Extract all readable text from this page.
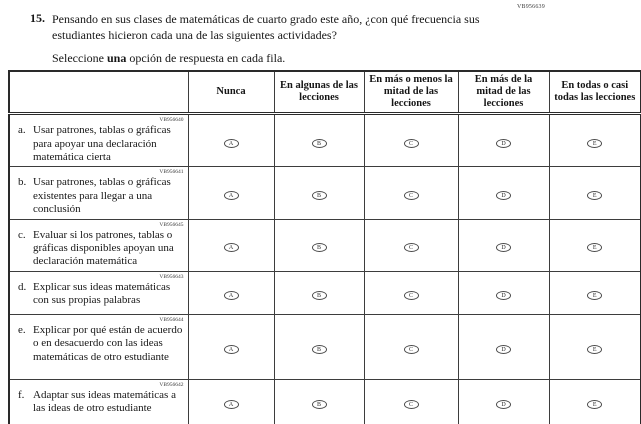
VB956639
15. Pensando en sus clases de matemáticas de cuarto grado este año, ¿con qué frecuencia sus estudiantes hicieron cada una de las siguientes actividades?
Seleccione una opción de respuesta en cada fila.
	Nunca	En algunas de las lecciones	En más o menos la mitad de las lecciones	En más de la mitad de las lecciones	En todas o casi todas las lecciones

VB956640
a. Usar patrones, tablas o gráficas para apoyar una declaración matemática cierta	A	B	C	D	E

VB956641
b. Usar patrones, tablas o gráficas existentes para llegar a una conclusión	A	B	C	D	E

VB956645
c. Evaluar si los patrones, tablas o gráficas disponibles apoyan una declaración matemática	A	B	C	D	E

VB956643
d. Explicar sus ideas matemáticas con sus propias palabras	A	B	C	D	E

VB956644
e. Explicar por qué están de acuerdo o en desacuerdo con las ideas matemáticas de otro estudiante	A	B	C	D	E

VB956642
f. Adaptar sus ideas matemáticas a las ideas de otro estudiante	A	B	C	D	E
